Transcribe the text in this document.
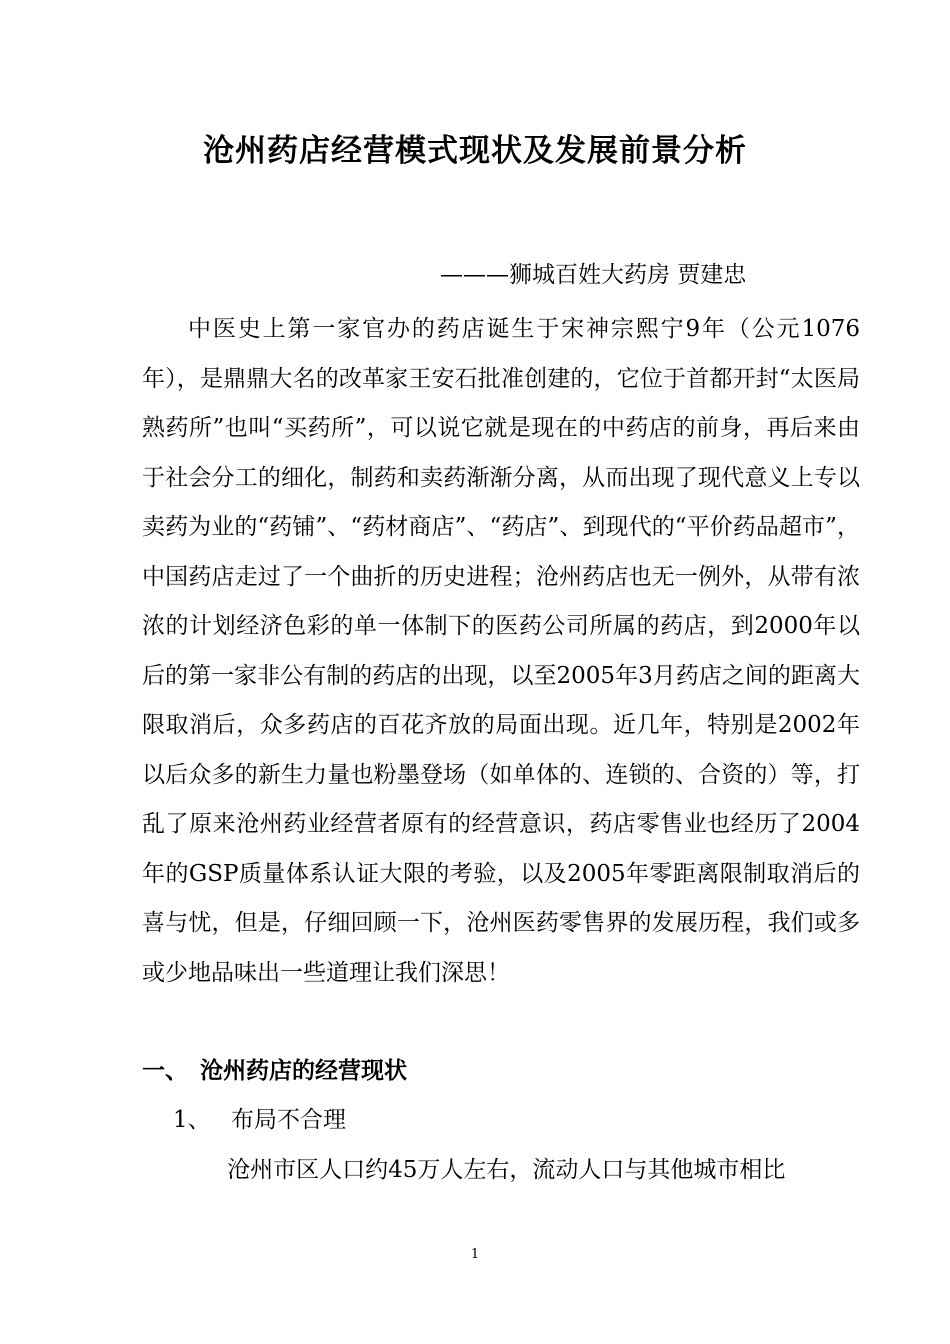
沧州药店经营模式现状及发展前景分析
———狮城百姓大药房 贾建忠

中医史上第一家官办的药店诞生于宋神宗熙宁9年（公元1076年），是鼎鼎大名的改革家王安石批准创建的，它位于首都开封“太医局熟药所”也叫“买药所”，可以说它就是现在的中药店的前身，再后来由于社会分工的细化，制药和卖药渐渐分离，从而出现了现代意义上专以卖药为业的“药铺”、“药材商店”、“药店”、到现代的“平价药品超市”，中国药店走过了一个曲折的历史进程；沧州药店也无一例外，从带有浓浓的计划经济色彩的单一体制下的医药公司所属的药店，到2000年以后的第一家非公有制的药店的出现，以至2005年3月药店之间的距离大限取消后，众多药店的百花齐放的局面出现。近几年，特别是2002年以后众多的新生力量也粉墨登场（如单体的、连锁的、合资的）等，打乱了原来沧州药业经营者原有的经营意识，药店零售业也经历了2004年的GSP质量体系认证大限的考验，以及2005年零距离限制取消后的喜与忧，但是，仔细回顾一下，沧州医药零售界的发展历程，我们或多或少地品味出一些道理让我们深思！

一、 沧州药店的经营现状
1、 布局不合理

沧州市区人口约45万人左右，流动人口与其他城市相比

1
